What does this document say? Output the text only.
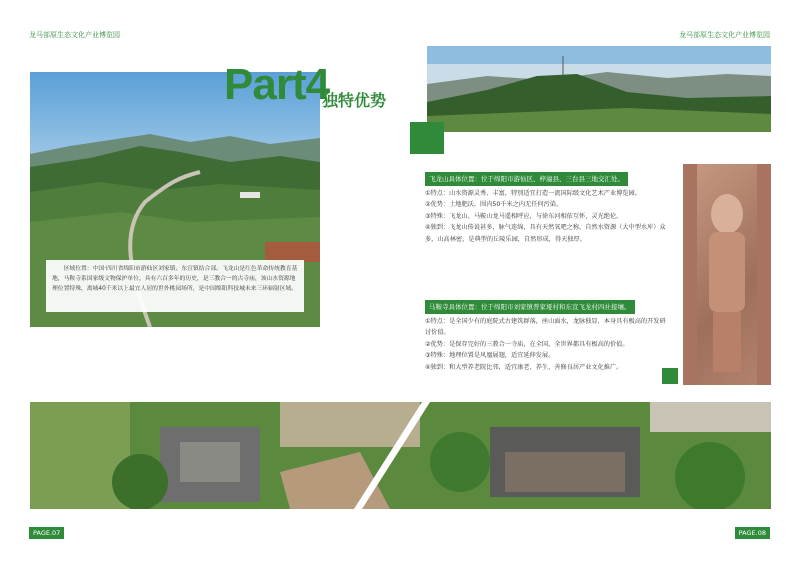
龙马部原生态文化产业博览园	龙马部原生态文化产业博览园
区域位置：中国·四川省绵阳市游仙区刘家镇、东宣镇结合部。飞龙山是红色革命传统教育基地，马鞍寺系国家级文物保护单位，具有六百多年的历史，是三教合一的古寺庙，该山水资源地理位置特殊，离城40千米以上最宜人居的世外桃园场所，是中国绵阳科技城未来三环辐射区域。
Part4
独特优势
飞龙山具体位置：位于绵阳市游仙区、梓潼县、三台县三地交汇处。
①特点：山水资源灵秀、丰富，特别适宜打造一流国际级文化艺术产业博览园。
②优势：土地肥沃，围内50千米之内无任何污染。
③特殊：飞龙山、马鞍山龙马遥相呼应，与徐东河相依互怀，灵光绝伦。
④独到：飞龙山传说甚多，脉气连绵，具有天然氧吧之称，自然水资源（大中型水库）众多，山高林密，是典型的丘陵乐园，自然形成，得天独厚。
马鞍寺具体位置：位于绵阳市刘家镇普家垭村和东宣飞龙村四社接壤。
①特点：是全国少有的庭院式古建筑群落，座山面水，龙脉独显，本身具有极高的开发研讨价值。
②优势：是保存完好的三教合一寺庙，在全国、全世界都具有极高的价值。
③特殊：地理位置是风凰展翅，适宜延伸发展。
④独到：和大型养老院比邻，适宜康老、养生、善修良居产业文化推广。
PAGE.07	PAGE.08
